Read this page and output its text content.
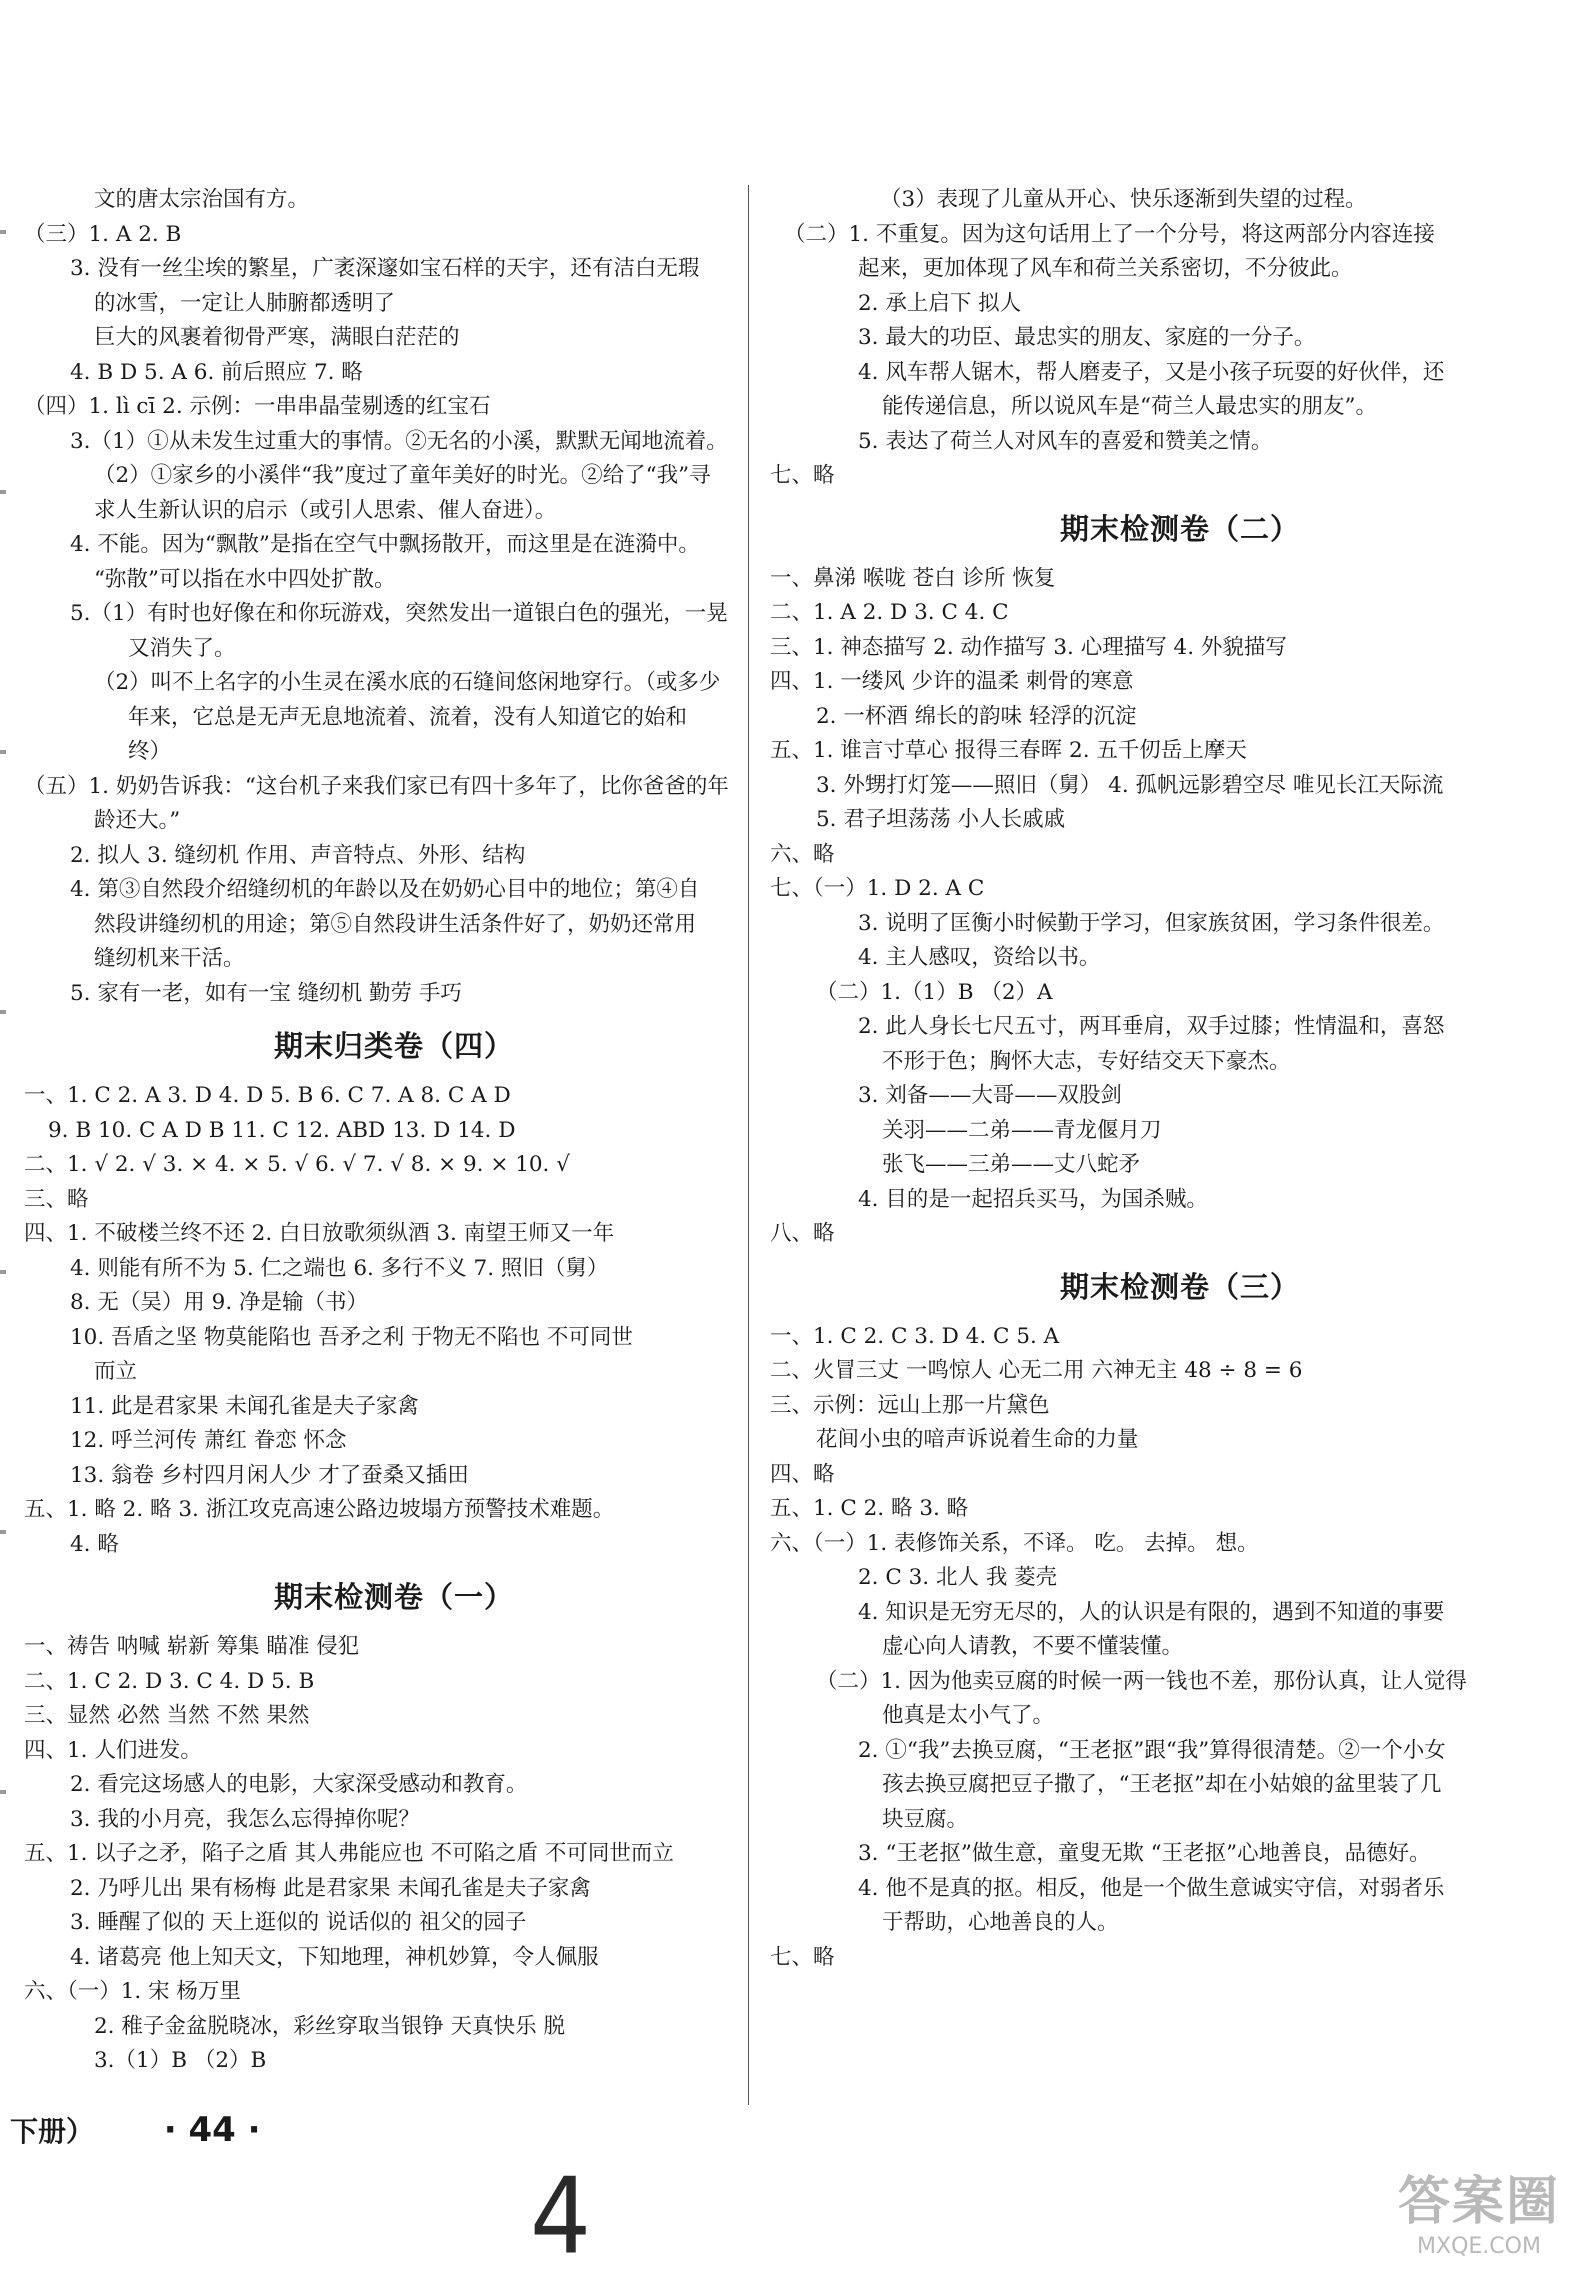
文的唐太宗治国有方。
（三）1. A 2. B
3. 没有一丝尘埃的繁星，广袤深邃如宝石样的天宇，还有洁白无瑕
的冰雪，一定让人肺腑都透明了
巨大的风裹着彻骨严寒，满眼白茫茫的
4. B D 5. A 6. 前后照应 7. 略
（四）1. lì cī 2. 示例：一串串晶莹剔透的红宝石
3.（1）①从未发生过重大的事情。②无名的小溪，默默无闻地流着。
（2）①家乡的小溪伴“我”度过了童年美好的时光。②给了“我”寻
求人生新认识的启示（或引人思索、催人奋进）。
4. 不能。因为“飘散”是指在空气中飘扬散开，而这里是在涟漪中。
“弥散”可以指在水中四处扩散。
5.（1）有时也好像在和你玩游戏，突然发出一道银白色的强光，一晃
又消失了。
（2）叫不上名字的小生灵在溪水底的石缝间悠闲地穿行。（或多少
年来，它总是无声无息地流着、流着，没有人知道它的始和
终）
（五）1. 奶奶告诉我：“这台机子来我们家已有四十多年了，比你爸爸的年
龄还大。”
2. 拟人 3. 缝纫机 作用、声音特点、外形、结构
4. 第③自然段介绍缝纫机的年龄以及在奶奶心目中的地位；第④自
然段讲缝纫机的用途；第⑤自然段讲生活条件好了，奶奶还常用
缝纫机来干活。
5. 家有一老，如有一宝 缝纫机 勤劳 手巧
期末归类卷（四）
一、1. C 2. A 3. D 4. D 5. B 6. C 7. A 8. C A D
9. B 10. C A D B 11. C 12. ABD 13. D 14. D
二、1. √ 2. √ 3. × 4. × 5. √ 6. √ 7. √ 8. × 9. × 10. √
三、略
四、1. 不破楼兰终不还 2. 白日放歌须纵酒 3. 南望王师又一年
4. 则能有所不为 5. 仁之端也 6. 多行不义 7. 照旧（舅）
8. 无（吴）用 9. 净是输（书）
10. 吾盾之坚 物莫能陷也 吾矛之利 于物无不陷也 不可同世
而立
11. 此是君家果 未闻孔雀是夫子家禽
12. 呼兰河传 萧红 眷恋 怀念
13. 翁卷 乡村四月闲人少 才了蚕桑又插田
五、1. 略 2. 略 3. 浙江攻克高速公路边坡塌方预警技术难题。
4. 略
期末检测卷（一）
一、祷告 呐喊 崭新 筹集 瞄准 侵犯
二、1. C 2. D 3. C 4. D 5. B
三、显然 必然 当然 不然 果然
四、1. 人们进发。
2. 看完这场感人的电影，大家深受感动和教育。
3. 我的小月亮，我怎么忘得掉你呢？
五、1. 以子之矛，陷子之盾 其人弗能应也 不可陷之盾 不可同世而立
2. 乃呼儿出 果有杨梅 此是君家果 未闻孔雀是夫子家禽
3. 睡醒了似的 天上逛似的 说话似的 祖父的园子
4. 诸葛亮 他上知天文，下知地理，神机妙算，令人佩服
六、（一）1. 宋 杨万里
2. 稚子金盆脱晓冰，彩丝穿取当银铮 天真快乐 脱
3.（1）B （2）B
（3）表现了儿童从开心、快乐逐渐到失望的过程。
（二）1. 不重复。因为这句话用上了一个分号，将这两部分内容连接
起来，更加体现了风车和荷兰关系密切，不分彼此。
2. 承上启下 拟人
3. 最大的功臣、最忠实的朋友、家庭的一分子。
4. 风车帮人锯木，帮人磨麦子，又是小孩子玩耍的好伙伴，还
能传递信息，所以说风车是“荷兰人最忠实的朋友”。
5. 表达了荷兰人对风车的喜爱和赞美之情。
七、略
期末检测卷（二）
一、鼻涕 喉咙 苍白 诊所 恢复
二、1. A 2. D 3. C 4. C
三、1. 神态描写 2. 动作描写 3. 心理描写 4. 外貌描写
四、1. 一缕风 少许的温柔 刺骨的寒意
2. 一杯酒 绵长的韵味 轻浮的沉淀
五、1. 谁言寸草心 报得三春晖 2. 五千仞岳上摩天
3. 外甥打灯笼——照旧（舅） 4. 孤帆远影碧空尽 唯见长江天际流
5. 君子坦荡荡 小人长戚戚
六、略
七、（一）1. D 2. A C
3. 说明了匡衡小时候勤于学习，但家族贫困，学习条件很差。
4. 主人感叹，资给以书。
（二）1.（1）B （2）A
2. 此人身长七尺五寸，两耳垂肩，双手过膝；性情温和，喜怒
不形于色；胸怀大志，专好结交天下豪杰。
3. 刘备——大哥——双股剑
关羽——二弟——青龙偃月刀
张飞——三弟——丈八蛇矛
4. 目的是一起招兵买马，为国杀贼。
八、略
期末检测卷（三）
一、1. C 2. C 3. D 4. C 5. A
二、火冒三丈 一鸣惊人 心无二用 六神无主 48 ÷ 8 = 6
三、示例：远山上那一片黛色
花间小虫的喑声诉说着生命的力量
四、略
五、1. C 2. 略 3. 略
六、（一）1. 表修饰关系，不译。 吃。 去掉。 想。
2. C 3. 北人 我 菱壳
4. 知识是无穷无尽的，人的认识是有限的，遇到不知道的事要
虚心向人请教，不要不懂装懂。
（二）1. 因为他卖豆腐的时候一两一钱也不差，那份认真，让人觉得
他真是太小气了。
2. ①“我”去换豆腐，“王老抠”跟“我”算得很清楚。②一个小女
孩去换豆腐把豆子撒了，“王老抠”却在小姑娘的盆里装了几
块豆腐。
3. “王老抠”做生意，童叟无欺 “王老抠”心地善良，品德好。
4. 他不是真的抠。相反，他是一个做生意诚实守信，对弱者乐
于帮助，心地善良的人。
七、略
下册） · 44 ·
4	答案圈
MXQE.COM
